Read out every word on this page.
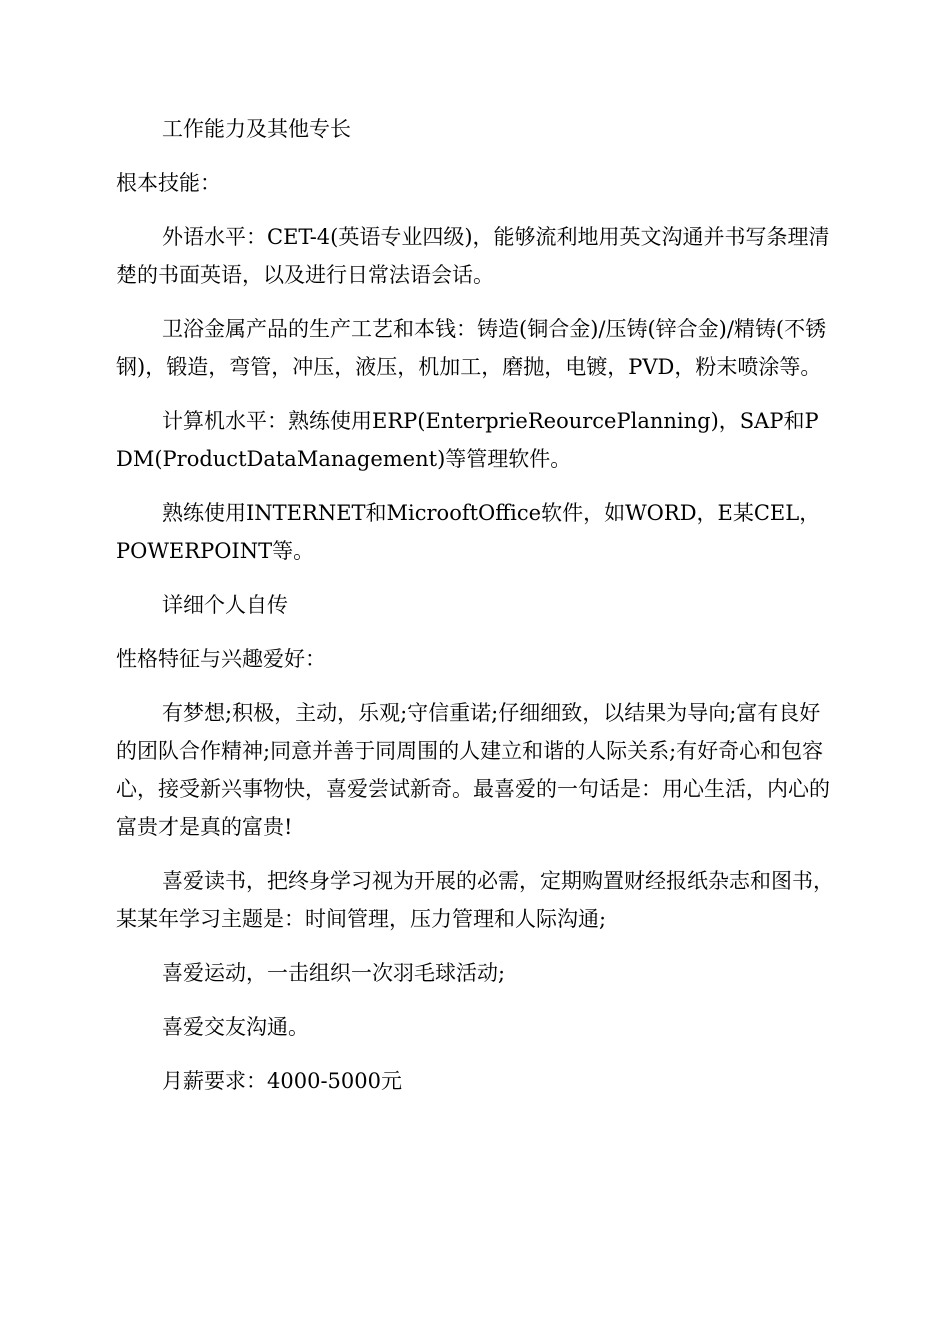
工作能力及其他专长

根本技能：

外语水平：CET-4(英语专业四级)，能够流利地用英文沟通并书写条理清楚的书面英语，以及进行日常法语会话。

卫浴金属产品的生产工艺和本钱：铸造(铜合金)/压铸(锌合金)/精铸(不锈钢)，锻造，弯管，冲压，液压，机加工，磨抛，电镀，PVD，粉末喷涂等。

计算机水平：熟练使用ERP(EnterprieReourcePlanning)，SAP和PDM(ProductDataManagement)等管理软件。

熟练使用INTERNET和MicrooftOffice软件，如WORD，E某CEL，POWERPOINT等。

详细个人自传

性格特征与兴趣爱好：

有梦想;积极，主动，乐观;守信重诺;仔细细致，以结果为导向;富有良好的团队合作精神;同意并善于同周围的人建立和谐的人际关系;有好奇心和包容心，接受新兴事物快，喜爱尝试新奇。最喜爱的一句话是：用心生活，内心的富贵才是真的富贵!

喜爱读书，把终身学习视为开展的必需，定期购置财经报纸杂志和图书，某某年学习主题是：时间管理，压力管理和人际沟通;

喜爱运动，一击组织一次羽毛球活动;

喜爱交友沟通。

月薪要求：4000-5000元
